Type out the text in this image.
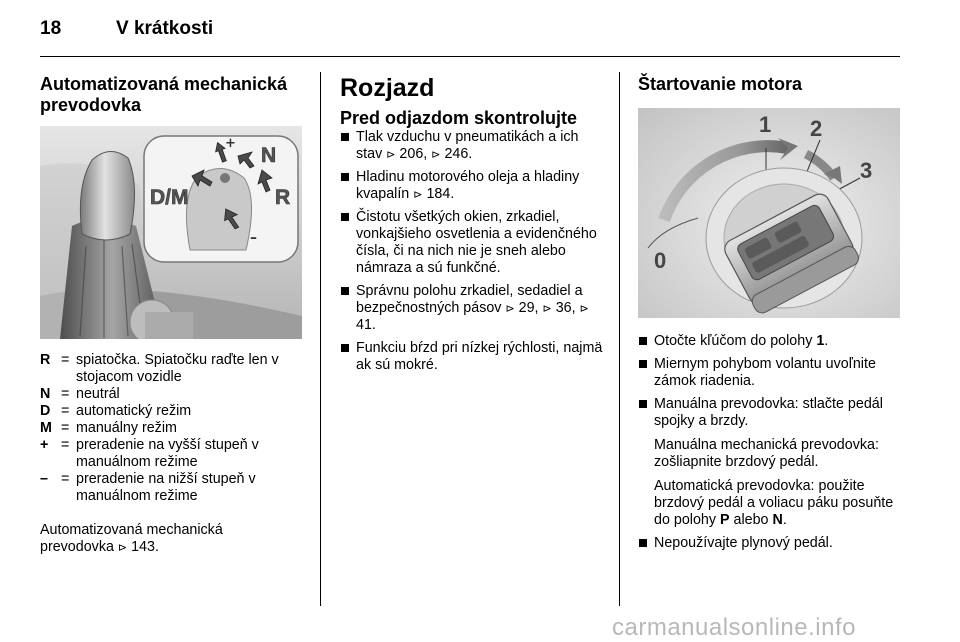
18	V krátkosti
Automatizovaná mechanická prevodovka
+
–
D/M
N
R
R	=	spiatočka. Spiatočku raďte len v stojacom vozidle
N	=	neutrál
D	=	automatický režim
M	=	manuálny režim
+	=	preradenie na vyšší stupeň v manuálnom režime
–	=	preradenie na nižší stupeň v manuálnom režime
Automatizovaná mechanická prevodovka ⊳ 143.
Rozjazd
Pred odjazdom skontrolujte
Tlak vzduchu v pneumatikách a ich stav ⊳ 206, ⊳ 246.
Hladinu motorového oleja a hladiny kvapalín ⊳ 184.
Čistotu všetkých okien, zrkadiel, vonkajšieho osvetlenia a evidenčného čísla, či na nich nie je sneh alebo námraza a sú funkčné.
Správnu polohu zrkadiel, sedadiel a bezpečnostných pásov ⊳ 29, ⊳ 36, ⊳ 41.
Funkciu bŕzd pri nízkej rýchlosti, najmä ak sú mokré.
Štartovanie motora
0
1 2
3
Otočte kľúčom do polohy 1.
Miernym pohybom volantu uvoľnite zámok riadenia.
Manuálna prevodovka: stlačte pedál spojky a brzdy.
Manuálna mechanická prevodovka: zošliapnite brzdový pedál.
Automatická prevodovka: použite brzdový pedál a voliacu páku posuňte do polohy P alebo N.
Nepoužívajte plynový pedál.
carmanualsonline.info
